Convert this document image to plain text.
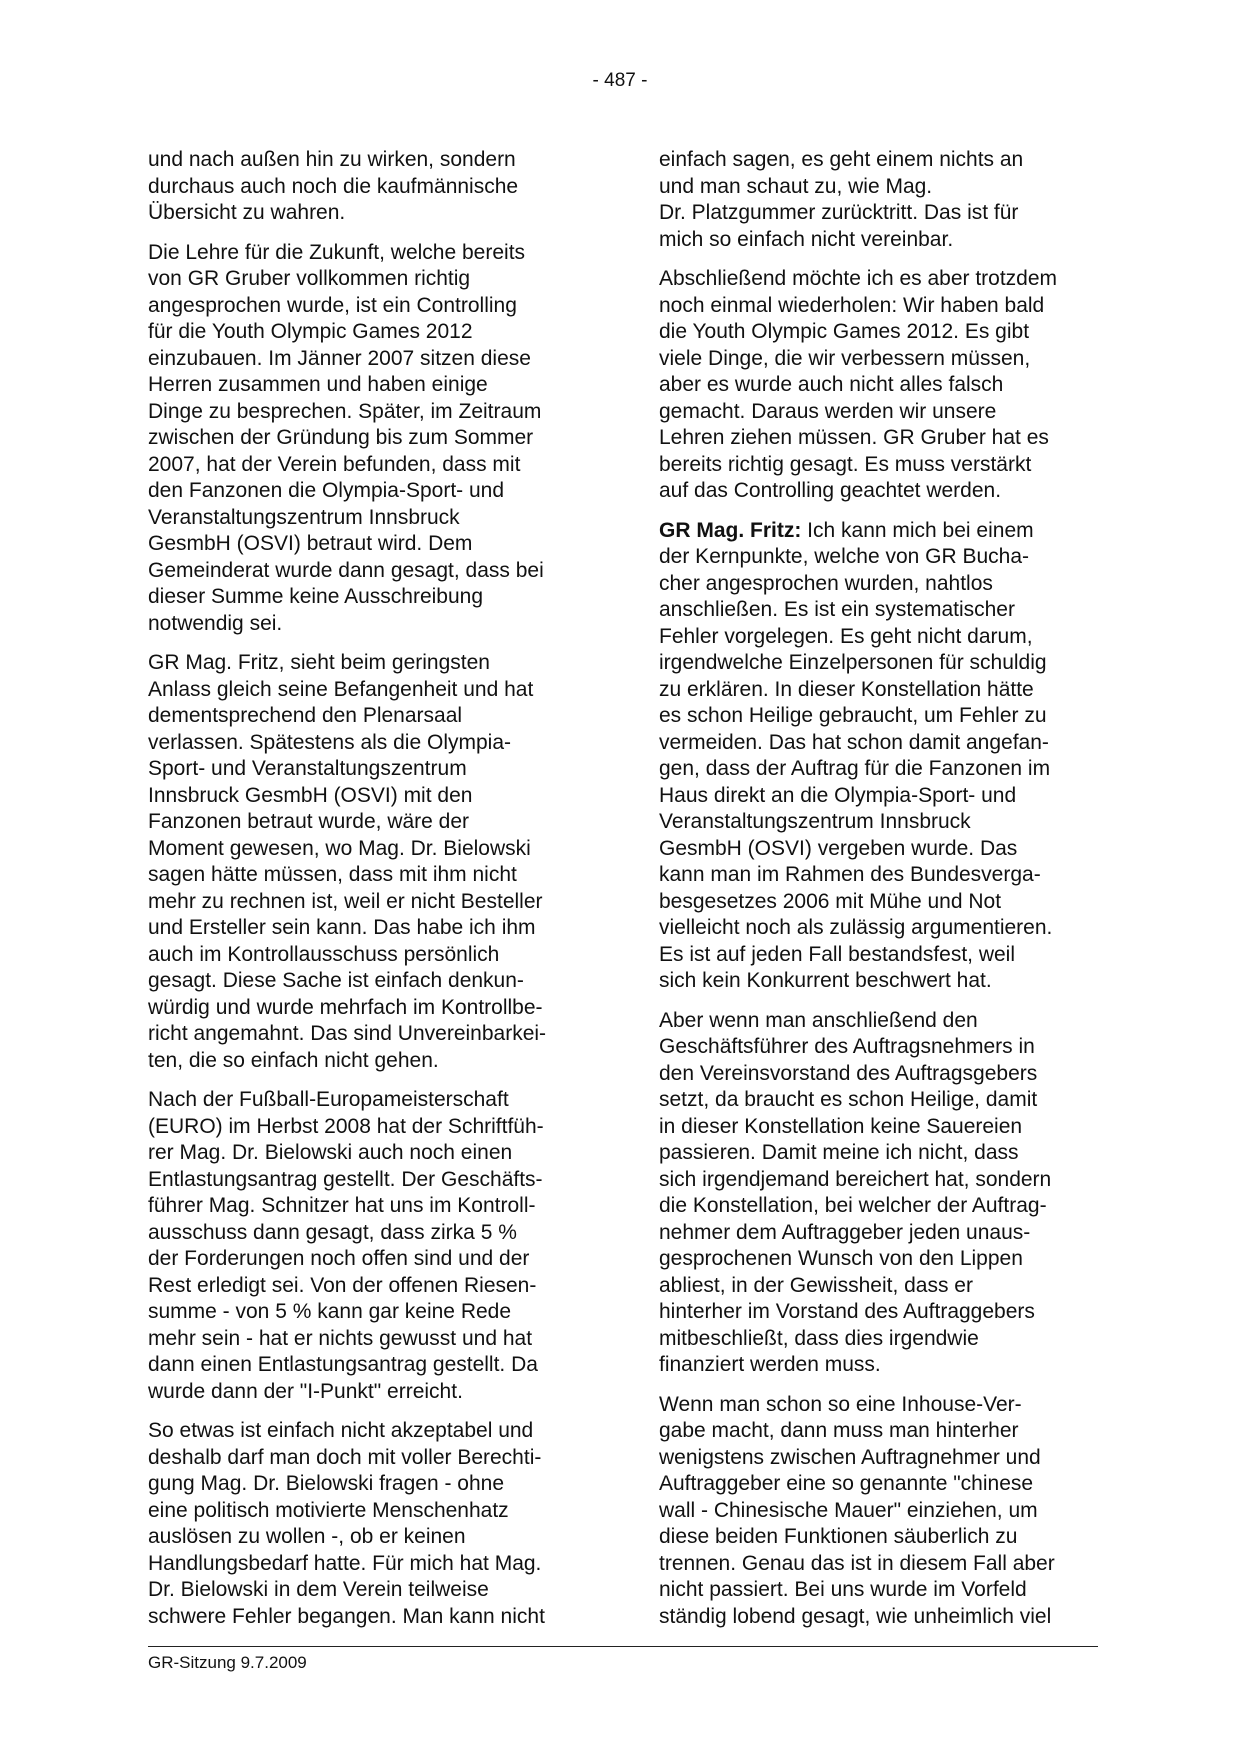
- 487 -

und nach außen hin zu wirken, sondern
durchaus auch noch die kaufmännische
Übersicht zu wahren.

Die Lehre für die Zukunft, welche bereits
von GR Gruber vollkommen richtig
angesprochen wurde, ist ein Controlling
für die Youth Olympic Games 2012
einzubauen. Im Jänner 2007 sitzen diese
Herren zusammen und haben einige
Dinge zu besprechen. Später, im Zeitraum
zwischen der Gründung bis zum Sommer
2007, hat der Verein befunden, dass mit
den Fanzonen die Olympia-Sport- und
Veranstaltungszentrum Innsbruck
GesmbH (OSVI) betraut wird. Dem
Gemeinderat wurde dann gesagt, dass bei
dieser Summe keine Ausschreibung
notwendig sei.

GR Mag. Fritz, sieht beim geringsten
Anlass gleich seine Befangenheit und hat
dementsprechend den Plenarsaal
verlassen. Spätestens als die Olympia-
Sport- und Veranstaltungszentrum
Innsbruck GesmbH (OSVI) mit den
Fanzonen betraut wurde, wäre der
Moment gewesen, wo Mag. Dr. Bielowski
sagen hätte müssen, dass mit ihm nicht
mehr zu rechnen ist, weil er nicht Besteller
und Ersteller sein kann. Das habe ich ihm
auch im Kontrollausschuss persönlich
gesagt. Diese Sache ist einfach denkun-
würdig und wurde mehrfach im Kontrollbe-
richt angemahnt. Das sind Unvereinbarkei-
ten, die so einfach nicht gehen.

Nach der Fußball-Europameisterschaft
(EURO) im Herbst 2008 hat der Schriftfüh-
rer Mag. Dr. Bielowski auch noch einen
Entlastungsantrag gestellt. Der Geschäfts-
führer Mag. Schnitzer hat uns im Kontroll-
ausschuss dann gesagt, dass zirka 5 %
der Forderungen noch offen sind und der
Rest erledigt sei. Von der offenen Riesen-
summe - von 5 % kann gar keine Rede
mehr sein - hat er nichts gewusst und hat
dann einen Entlastungsantrag gestellt. Da
wurde dann der "I-Punkt" erreicht.

So etwas ist einfach nicht akzeptabel und
deshalb darf man doch mit voller Berechti-
gung Mag. Dr. Bielowski fragen - ohne
eine politisch motivierte Menschenhatz
auslösen zu wollen -, ob er keinen
Handlungsbedarf hatte. Für mich hat Mag.
Dr. Bielowski in dem Verein teilweise
schwere Fehler begangen. Man kann nicht

einfach sagen, es geht einem nichts an
und man schaut zu, wie Mag.
Dr. Platzgummer zurücktritt. Das ist für
mich so einfach nicht vereinbar.

Abschließend möchte ich es aber trotzdem
noch einmal wiederholen: Wir haben bald
die Youth Olympic Games 2012. Es gibt
viele Dinge, die wir verbessern müssen,
aber es wurde auch nicht alles falsch
gemacht. Daraus werden wir unsere
Lehren ziehen müssen. GR Gruber hat es
bereits richtig gesagt. Es muss verstärkt
auf das Controlling geachtet werden.

GR Mag. Fritz: Ich kann mich bei einem
der Kernpunkte, welche von GR Bucha-
cher angesprochen wurden, nahtlos
anschließen. Es ist ein systematischer
Fehler vorgelegen. Es geht nicht darum,
irgendwelche Einzelpersonen für schuldig
zu erklären. In dieser Konstellation hätte
es schon Heilige gebraucht, um Fehler zu
vermeiden. Das hat schon damit angefan-
gen, dass der Auftrag für die Fanzonen im
Haus direkt an die Olympia-Sport- und
Veranstaltungszentrum Innsbruck
GesmbH (OSVI) vergeben wurde. Das
kann man im Rahmen des Bundesverga-
besgesetzes 2006 mit Mühe und Not
vielleicht noch als zulässig argumentieren.
Es ist auf jeden Fall bestandsfest, weil
sich kein Konkurrent beschwert hat.

Aber wenn man anschließend den
Geschäftsführer des Auftragsnehmers in
den Vereinsvorstand des Auftragsgebers
setzt, da braucht es schon Heilige, damit
in dieser Konstellation keine Sauereien
passieren. Damit meine ich nicht, dass
sich irgendjemand bereichert hat, sondern
die Konstellation, bei welcher der Auftrag-
nehmer dem Auftraggeber jeden unaus-
gesprochenen Wunsch von den Lippen
abliest, in der Gewissheit, dass er
hinterher im Vorstand des Auftraggebers
mitbeschließt, dass dies irgendwie
finanziert werden muss.

Wenn man schon so eine Inhouse-Ver-
gabe macht, dann muss man hinterher
wenigstens zwischen Auftragnehmer und
Auftraggeber eine so genannte "chinese
wall - Chinesische Mauer" einziehen, um
diese beiden Funktionen säuberlich zu
trennen. Genau das ist in diesem Fall aber
nicht passiert. Bei uns wurde im Vorfeld
ständig lobend gesagt, wie unheimlich viel

GR-Sitzung 9.7.2009
